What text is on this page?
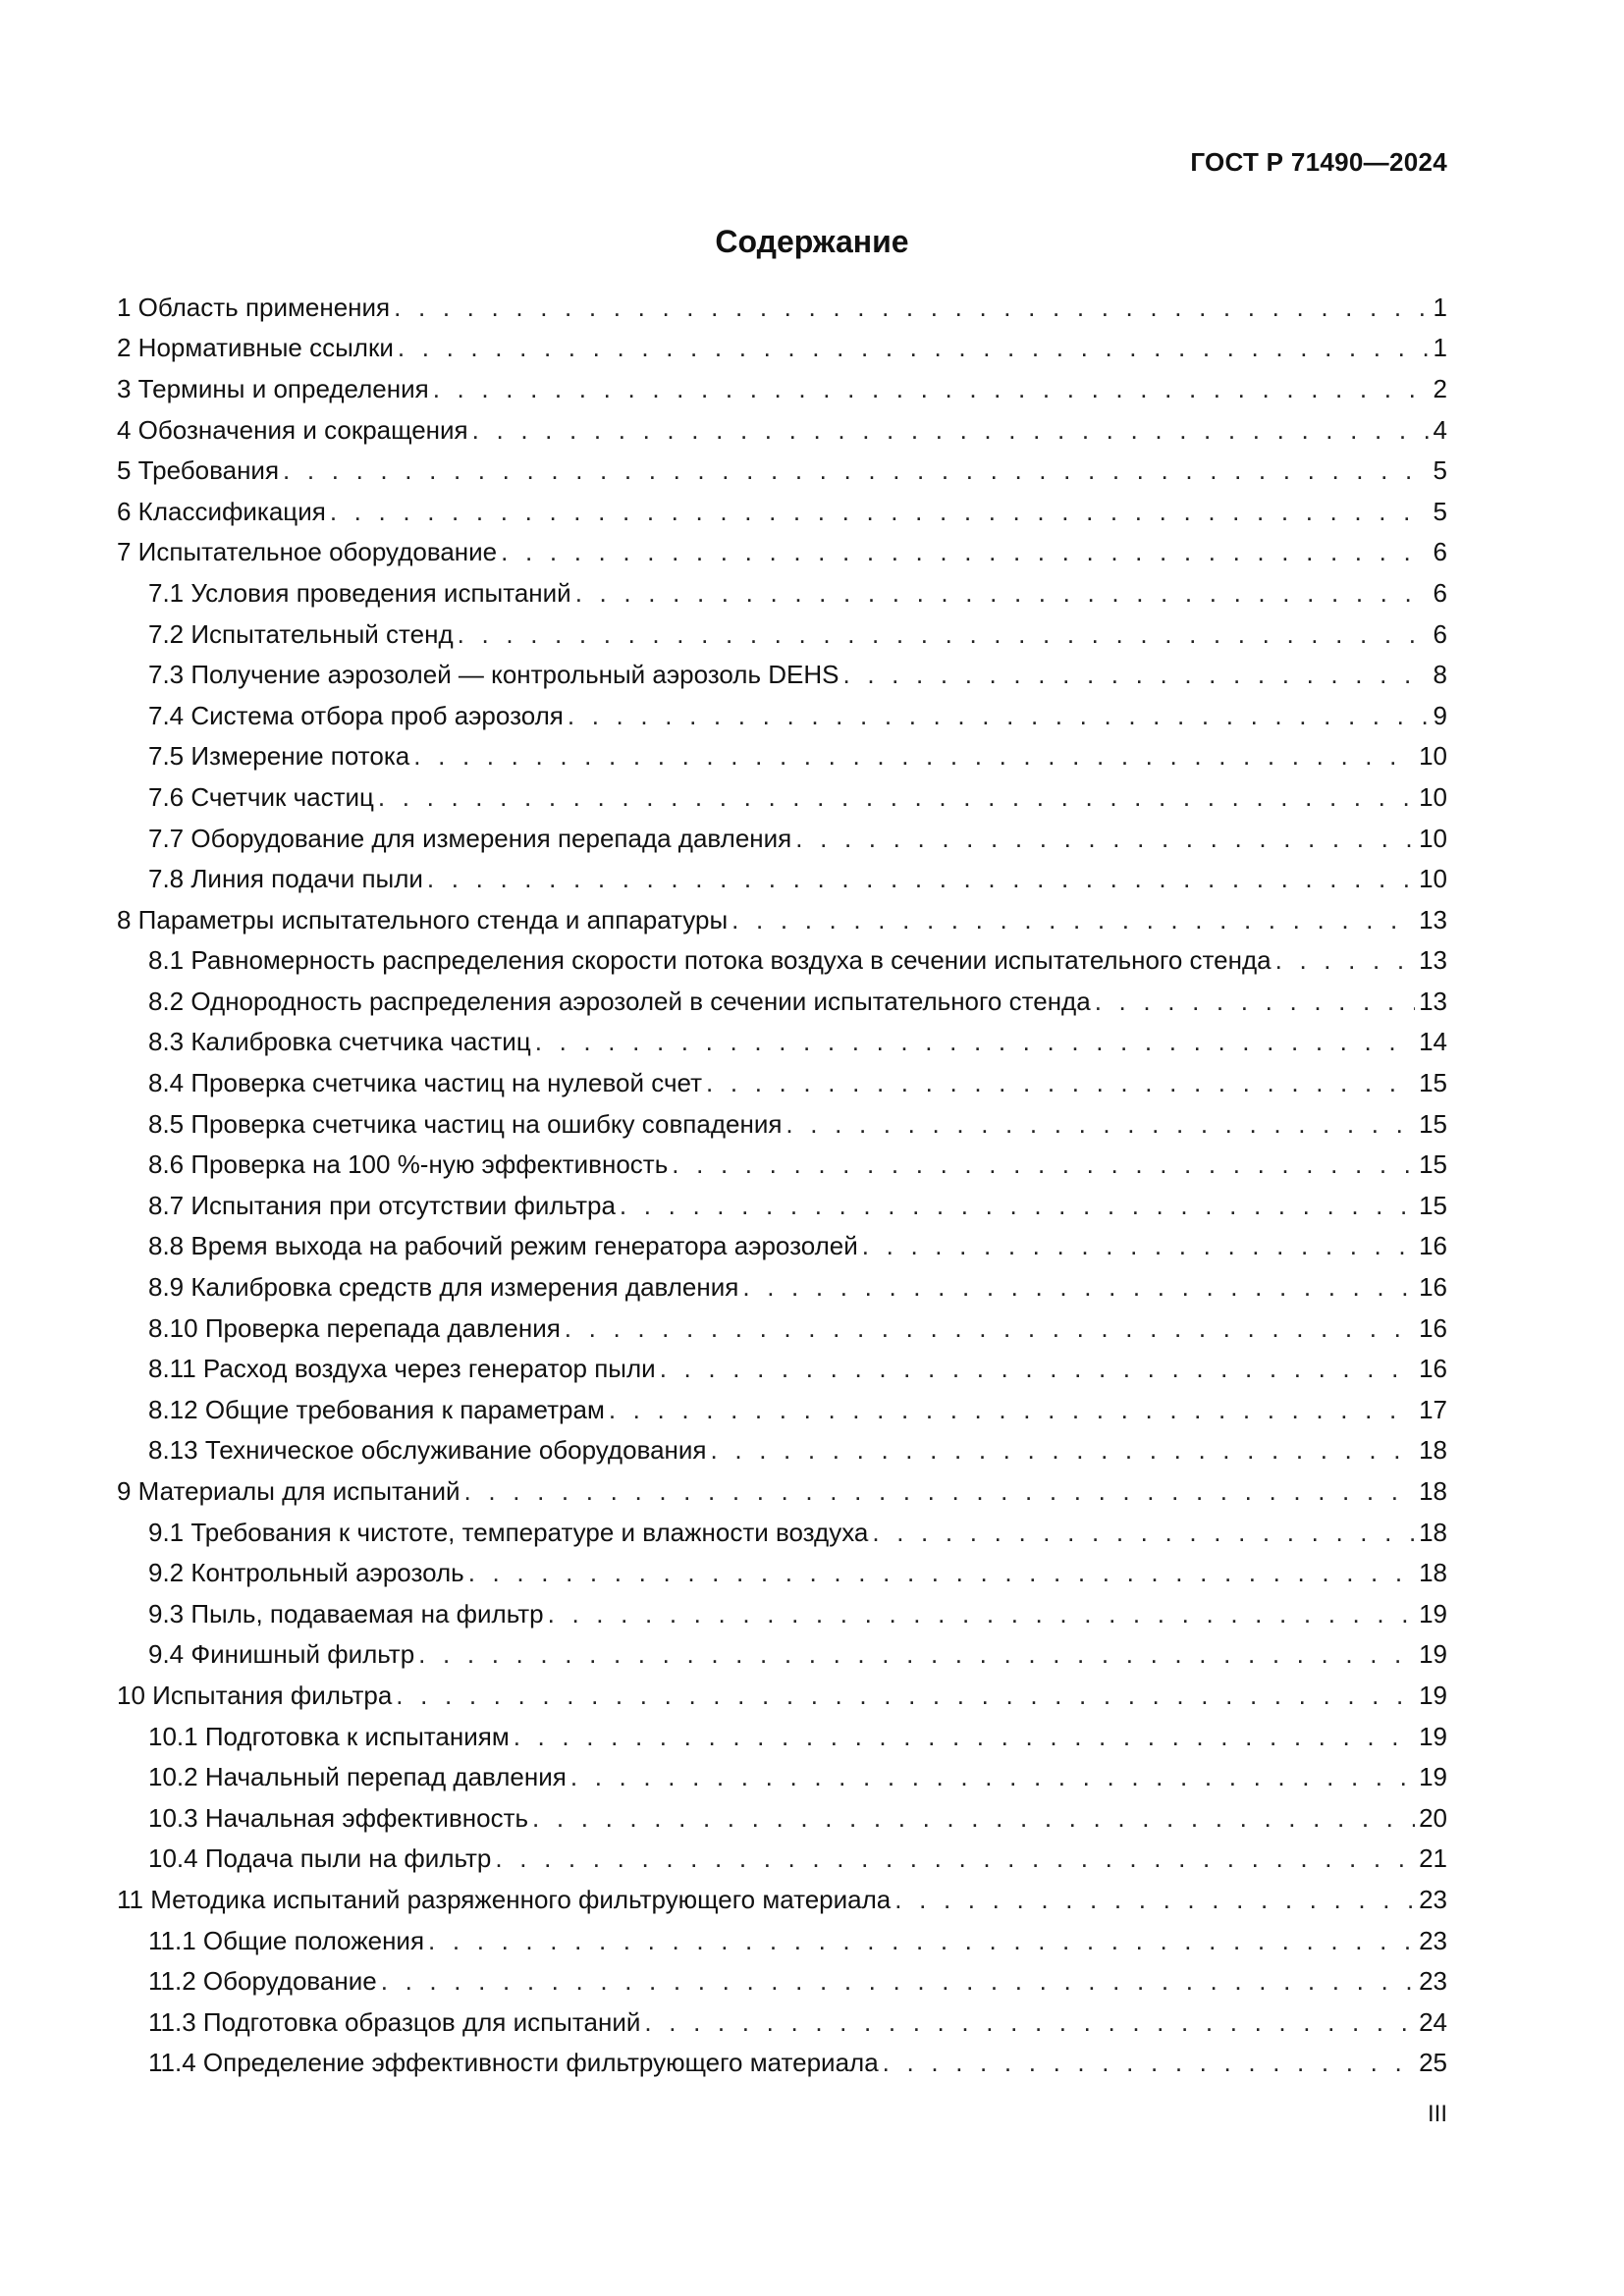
ГОСТ Р 71490—2024
Содержание
1 Область применения . . .	1
2 Нормативные ссылки . . .	1
3 Термины и определения . . .	2
4 Обозначения и сокращения . . .	4
5 Требования . . .	5
6 Классификация . . .	5
7 Испытательное оборудование . . .	6
7.1 Условия проведения испытаний . . .	6
7.2 Испытательный стенд . . .	6
7.3 Получение аэрозолей — контрольный аэрозоль DEHS . . .	8
7.4 Система отбора проб аэрозоля . . .	9
7.5 Измерение потока . . .	10
7.6 Счетчик частиц . . .	10
7.7 Оборудование для измерения перепада давления . . .	10
7.8 Линия подачи пыли . . .	10
8 Параметры испытательного стенда и аппаратуры . . .	13
8.1 Равномерность распределения скорости потока воздуха в сечении испытательного стенда . . .	13
8.2 Однородность распределения аэрозолей в сечении испытательного стенда . . .	13
8.3 Калибровка счетчика частиц . . .	14
8.4 Проверка счетчика частиц на нулевой счет . . .	15
8.5 Проверка счетчика частиц на ошибку совпадения . . .	15
8.6 Проверка на 100 %-ную эффективность . . .	15
8.7 Испытания при отсутствии фильтра . . .	15
8.8 Время выхода на рабочий режим генератора аэрозолей . . .	16
8.9 Калибровка средств для измерения давления . . .	16
8.10 Проверка перепада давления . . .	16
8.11 Расход воздуха через генератор пыли . . .	16
8.12 Общие требования к параметрам . . .	17
8.13 Техническое обслуживание оборудования . . .	18
9 Материалы для испытаний . . .	18
9.1 Требования к чистоте, температуре и влажности воздуха . . .	18
9.2 Контрольный аэрозоль . . .	18
9.3 Пыль, подаваемая на фильтр . . .	19
9.4 Финишный фильтр . . .	19
10 Испытания фильтра . . .	19
10.1 Подготовка к испытаниям . . .	19
10.2 Начальный перепад давления . . .	19
10.3 Начальная эффективность . . .	20
10.4 Подача пыли на фильтр . . .	21
11 Методика испытаний разряженного фильтрующего материала . . .	23
11.1 Общие положения . . .	23
11.2 Оборудование . . .	23
11.3 Подготовка образцов для испытаний . . .	24
11.4 Определение эффективности фильтрующего материала . . .	25
III
